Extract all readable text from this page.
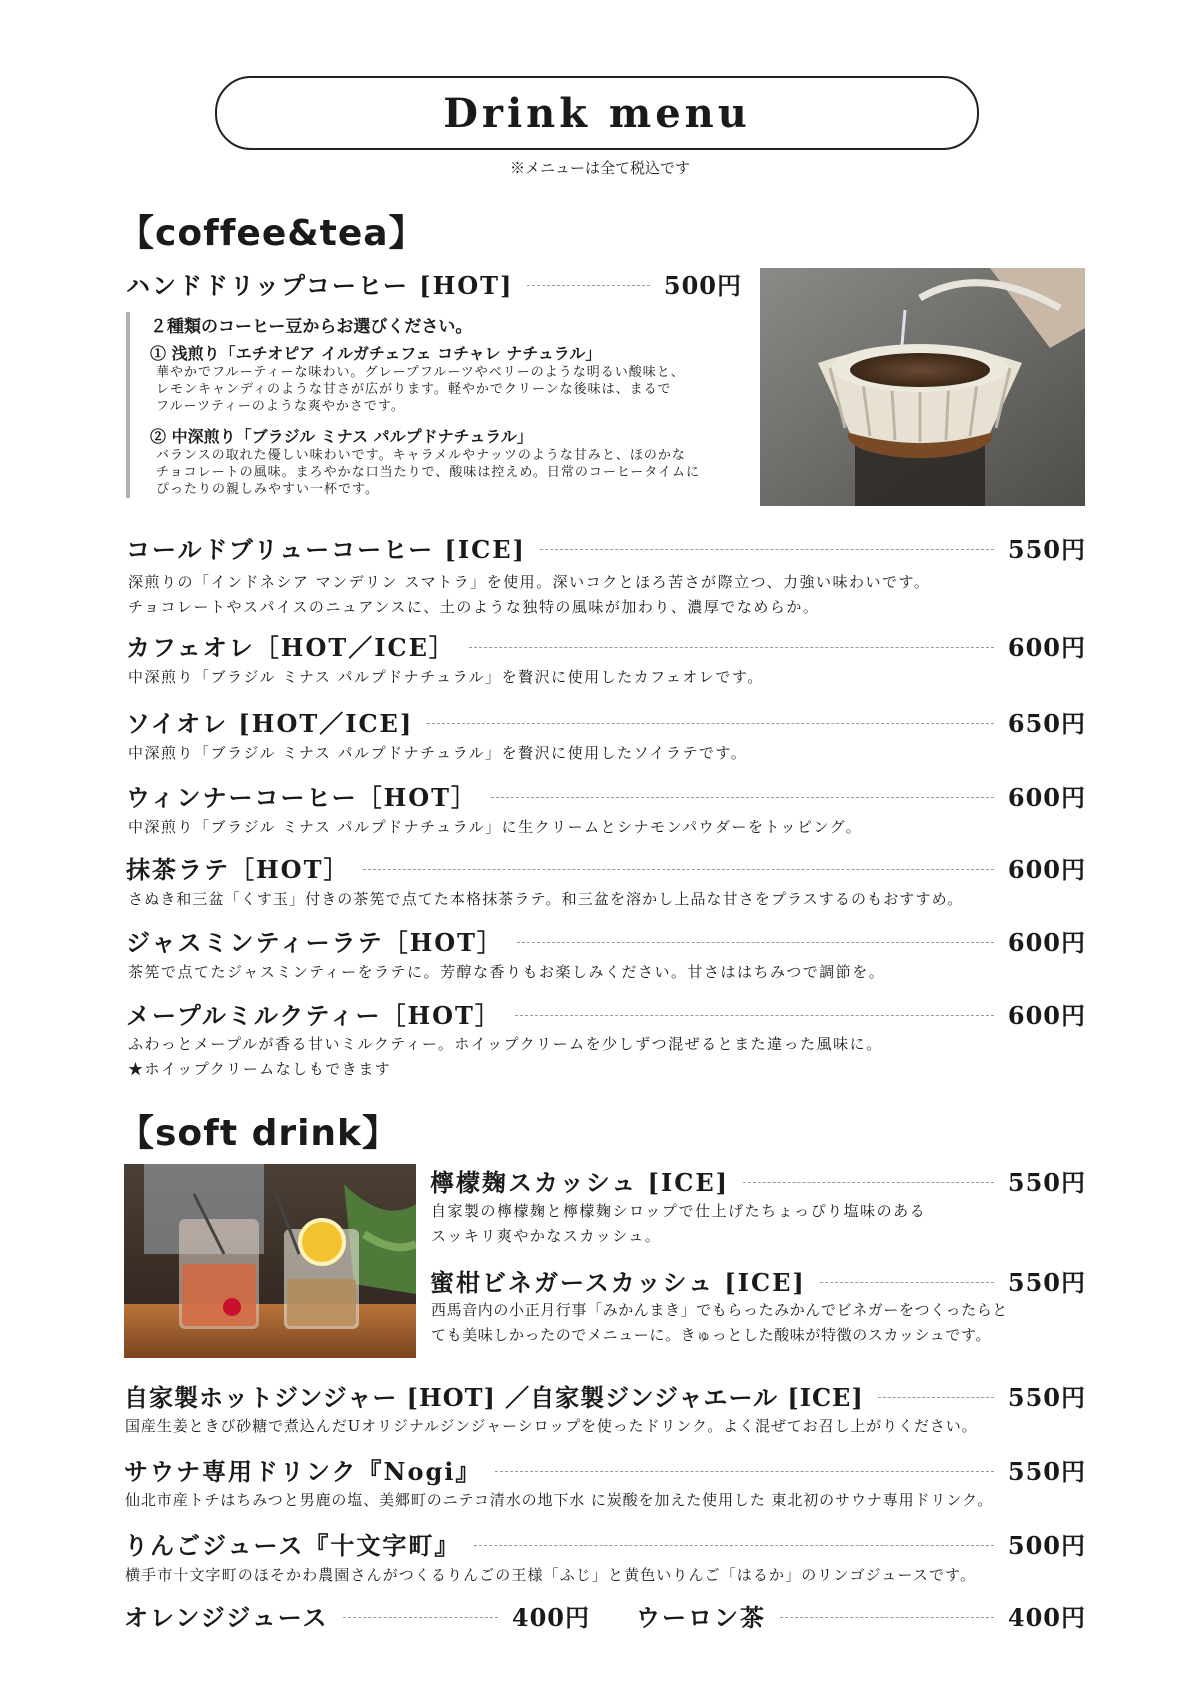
Drink menu
※メニューは全て税込です
【coffee&tea】
ハンドドリップコーヒー [HOT]	500円
２種類のコーヒー豆からお選びください。
① 浅煎り「エチオピア イルガチェフェ コチャレ ナチュラル」
華やかでフルーティーな味わい。グレープフルーツやベリーのような明るい酸味と、
レモンキャンディのような甘さが広がります。軽やかでクリーンな後味は、まるで
フルーツティーのような爽やかさです。
② 中深煎り「ブラジル ミナス パルプドナチュラル」
バランスの取れた優しい味わいです。キャラメルやナッツのような甘みと、ほのかな
チョコレートの風味。まろやかな口当たりで、酸味は控えめ。日常のコーヒータイムに
ぴったりの親しみやすい一杯です。
コールドブリューコーヒー [ICE]	550円
深煎りの「インドネシア マンデリン スマトラ」を使用。深いコクとほろ苦さが際立つ、力強い味わいです。
チョコレートやスパイスのニュアンスに、土のような独特の風味が加わり、濃厚でなめらか。
カフェオレ［HOT／ICE］	600円
中深煎り「ブラジル ミナス パルプドナチュラル」を贅沢に使用したカフェオレです。
ソイオレ [HOT／ICE]	650円
中深煎り「ブラジル ミナス パルプドナチュラル」を贅沢に使用したソイラテです。
ウィンナーコーヒー［HOT］	600円
中深煎り「ブラジル ミナス パルプドナチュラル」に生クリームとシナモンパウダーをトッピング。
抹茶ラテ［HOT］	600円
さぬき和三盆「くす玉」付きの茶筅で点てた本格抹茶ラテ。和三盆を溶かし上品な甘さをプラスするのもおすすめ。
ジャスミンティーラテ［HOT］	600円
茶筅で点てたジャスミンティーをラテに。芳醇な香りもお楽しみください。甘さははちみつで調節を。
メープルミルクティー［HOT］	600円
ふわっとメープルが香る甘いミルクティー。ホイップクリームを少しずつ混ぜるとまた違った風味に。
★ホイップクリームなしもできます
【soft drink】
檸檬麹スカッシュ [ICE]	550円
自家製の檸檬麹と檸檬麹シロップで仕上げたちょっぴり塩味のある
スッキリ爽やかなスカッシュ。
蜜柑ビネガースカッシュ [ICE]	550円
西馬音内の小正月行事「みかんまき」でもらったみかんでビネガーをつくったらと
ても美味しかったのでメニューに。きゅっとした酸味が特徴のスカッシュです。
自家製ホットジンジャー [HOT] ／自家製ジンジャエール [ICE]	550円
国産生姜ときび砂糖で煮込んだUオリジナルジンジャーシロップを使ったドリンク。よく混ぜてお召し上がりください。
サウナ専用ドリンク『Nogi』	550円
仙北市産トチはちみつと男鹿の塩、美郷町のニテコ清水の地下水 に炭酸を加えた使用した 東北初のサウナ専用ドリンク。
りんごジュース『十文字町』	500円
横手市十文字町のほそかわ農園さんがつくるりんごの王様「ふじ」と黄色いりんご「はるか」のリンゴジュースです。
オレンジジュース	400円 ウーロン茶	400円
